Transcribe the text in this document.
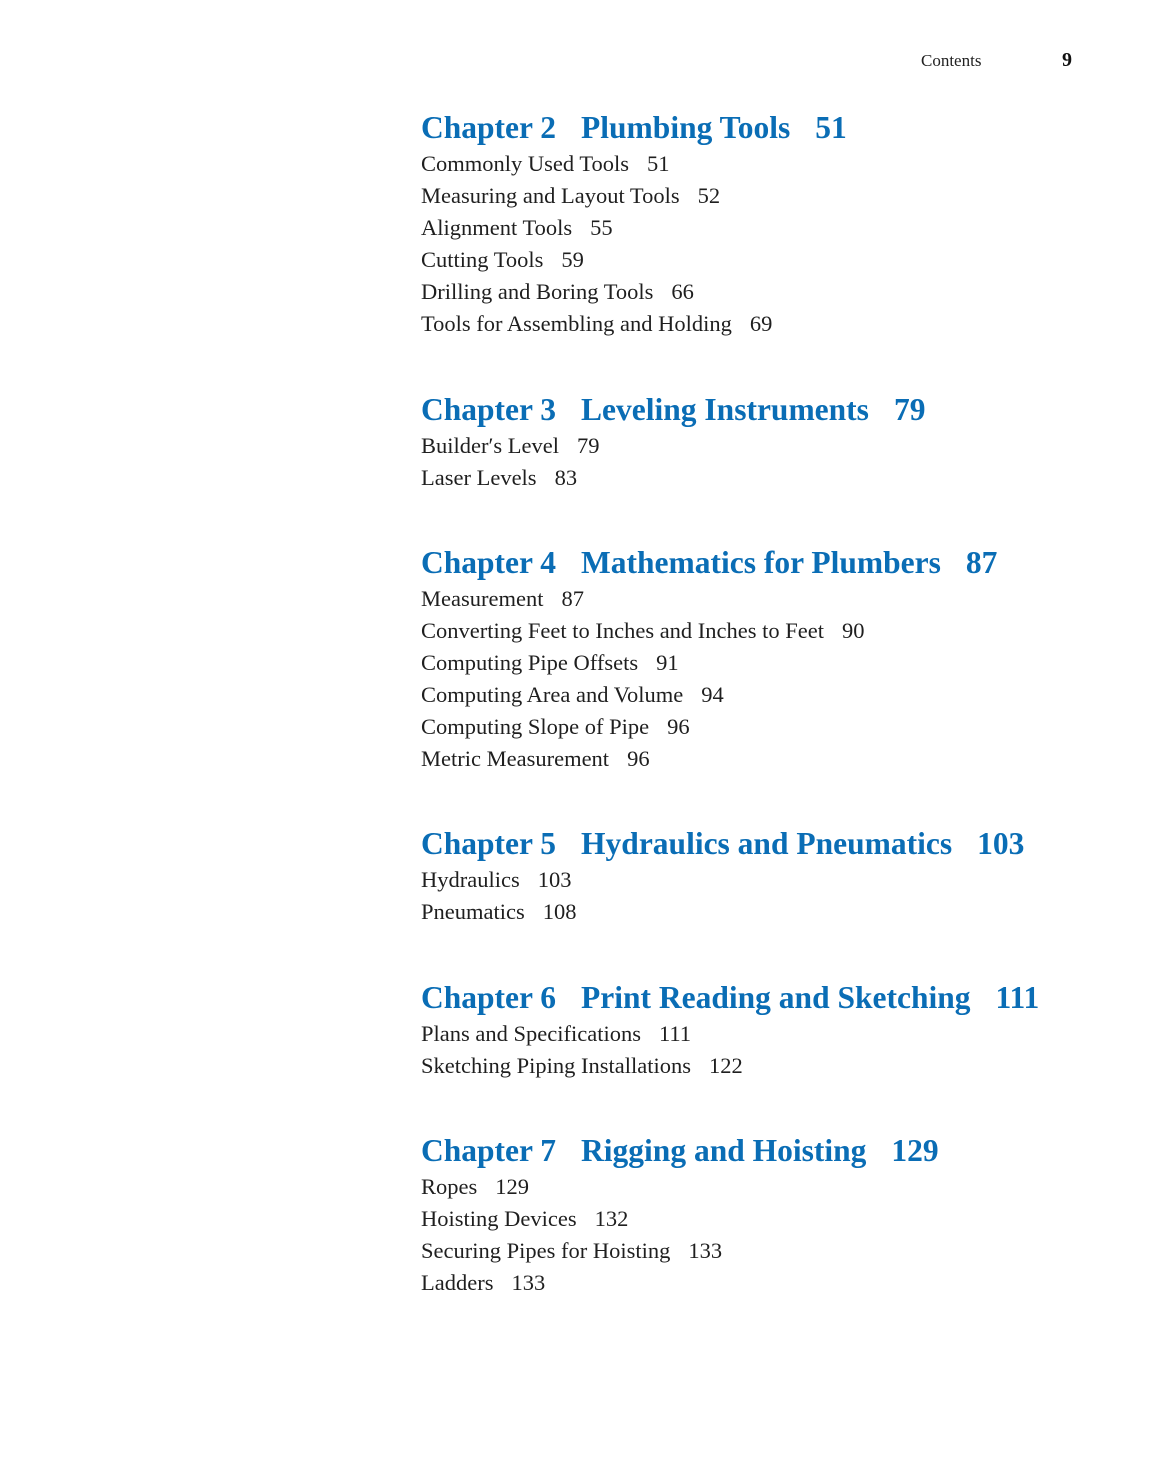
Contents	9
Chapter 2 Plumbing Tools 51
Commonly Used Tools 51
Measuring and Layout Tools 52
Alignment Tools 55
Cutting Tools 59
Drilling and Boring Tools 66
Tools for Assembling and Holding 69
Chapter 3 Leveling Instruments 79
Builder′s Level 79
Laser Levels 83
Chapter 4 Mathematics for Plumbers 87
Measurement 87
Converting Feet to Inches and Inches to Feet 90
Computing Pipe Offsets 91
Computing Area and Volume 94
Computing Slope of Pipe 96
Metric Measurement 96
Chapter 5 Hydraulics and Pneumatics 103
Hydraulics 103
Pneumatics 108
Chapter 6 Print Reading and Sketching 111
Plans and Specifications 111
Sketching Piping Installations 122
Chapter 7 Rigging and Hoisting 129
Ropes 129
Hoisting Devices 132
Securing Pipes for Hoisting 133
Ladders 133
